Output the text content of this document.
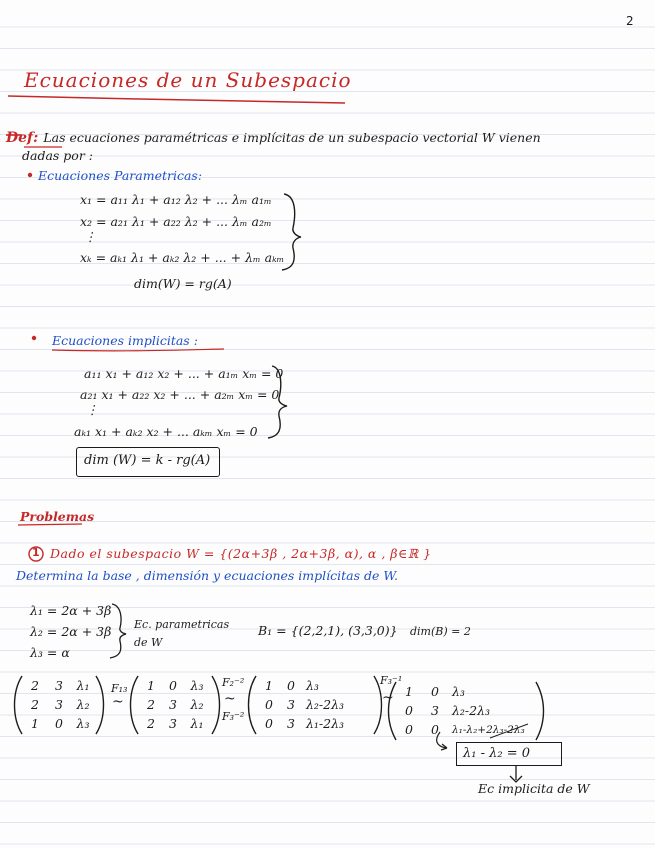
2
Ecuaciones de un Subespacio
Def: Las ecuaciones paramétricas e implícitas de un subespacio vectorial W vienen
dadas por :
Ecuaciones Parametricas:
x₁ = a₁₁ λ₁ + a₁₂ λ₂ + ... λₘ a₁ₘ
x₂ = a₂₁ λ₁ + a₂₂ λ₂ + ... λₘ a₂ₘ
⋮
xₖ = aₖ₁ λ₁ + aₖ₂ λ₂ + ... + λₘ aₖₘ
dim(W) = rg(A)
Ecuaciones implicitas :
a₁₁ x₁ + a₁₂ x₂ + ... + a₁ₘ xₘ = 0
a₂₁ x₁ + a₂₂ x₂ + ... + a₂ₘ xₘ = 0
⋮
aₖ₁ x₁ + aₖ₂ x₂ + ... aₖₘ xₘ = 0
dim (W) = k - rg(A)
Problemas
1 Dado el subespacio W = {(2α+3β , 2α+3β, α), α , β∈ℝ }
Determina la base , dimensión y ecuaciones implícitas de W.
λ₁ = 2α + 3β
λ₂ = 2α + 3β
λ₃ = α
Ec. parametricas
de W
B₁ = {(2,2,1), (3,3,0)} dim(B) = 2
2	3	λ₁
2	3	λ₂
1	0	λ₃
F₁₃
~
1	0	λ₃
2	3	λ₂
2	3	λ₁
F₂⁻²
~
F₃⁻²
1	0 λ₃
0	3 λ₂-2λ₃
0	3 λ₁-2λ₃
F₃⁻¹
~ 1	0	λ₃
0	3	λ₂-2λ₃
0	0	λ₁-λ₂+2λ₃-2λ₃
λ₁ - λ₂ = 0
Ec implicita de W
